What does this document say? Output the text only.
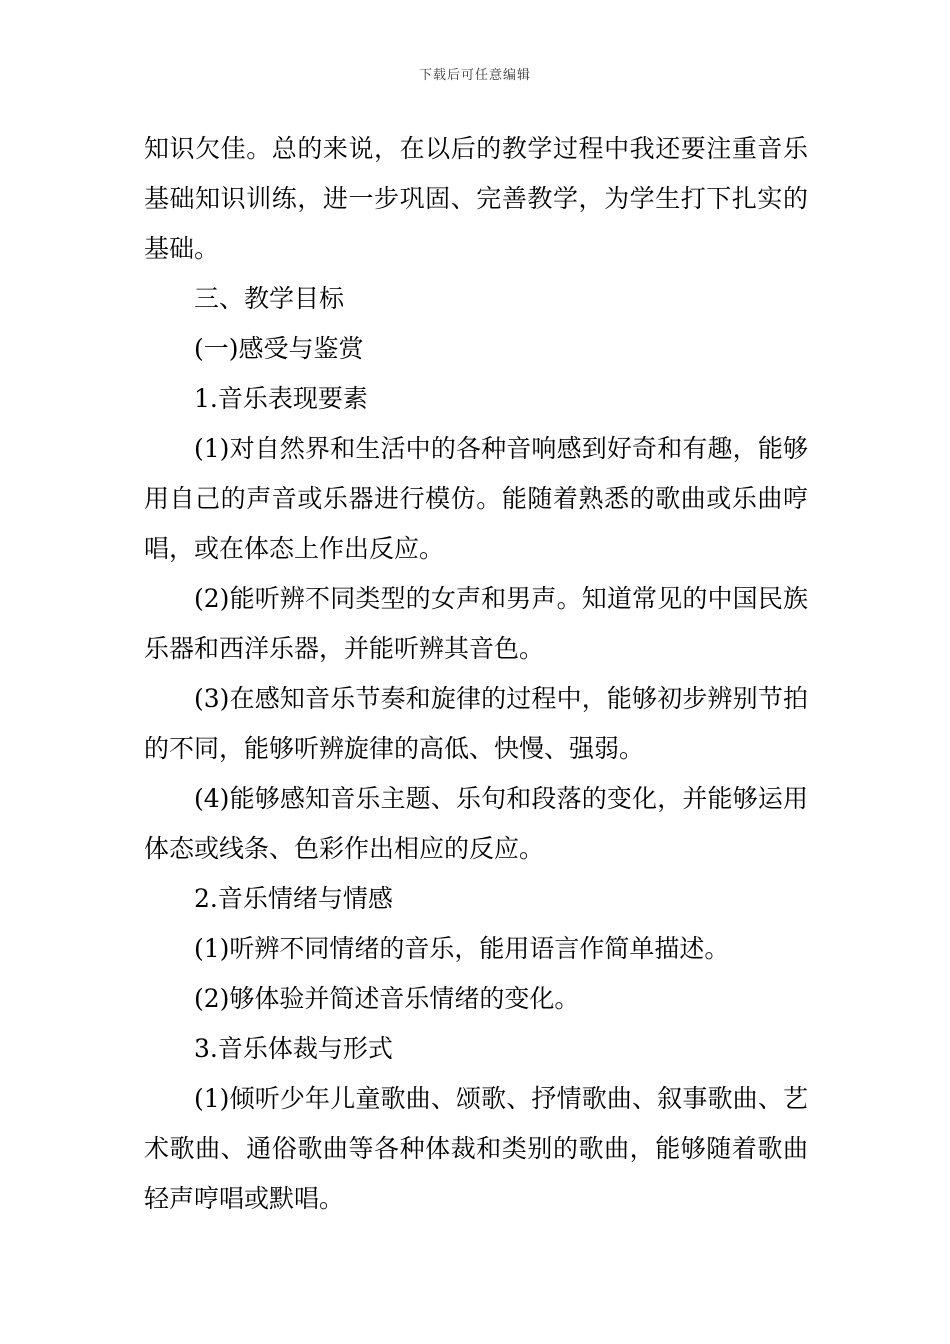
下载后可任意编辑

知识欠佳。总的来说，在以后的教学过程中我还要注重音乐基础知识训练，进一步巩固、完善教学，为学生打下扎实的基础。

三、教学目标

(一)感受与鉴赏

1.音乐表现要素

(1)对自然界和生活中的各种音响感到好奇和有趣，能够用自己的声音或乐器进行模仿。能随着熟悉的歌曲或乐曲哼唱，或在体态上作出反应。

(2)能听辨不同类型的女声和男声。知道常见的中国民族乐器和西洋乐器，并能听辨其音色。

(3)在感知音乐节奏和旋律的过程中，能够初步辨别节拍的不同，能够听辨旋律的高低、快慢、强弱。

(4)能够感知音乐主题、乐句和段落的变化，并能够运用体态或线条、色彩作出相应的反应。

2.音乐情绪与情感

(1)听辨不同情绪的音乐，能用语言作简单描述。

(2)够体验并简述音乐情绪的变化。

3.音乐体裁与形式

(1)倾听少年儿童歌曲、颂歌、抒情歌曲、叙事歌曲、艺术歌曲、通俗歌曲等各种体裁和类别的歌曲，能够随着歌曲轻声哼唱或默唱。
